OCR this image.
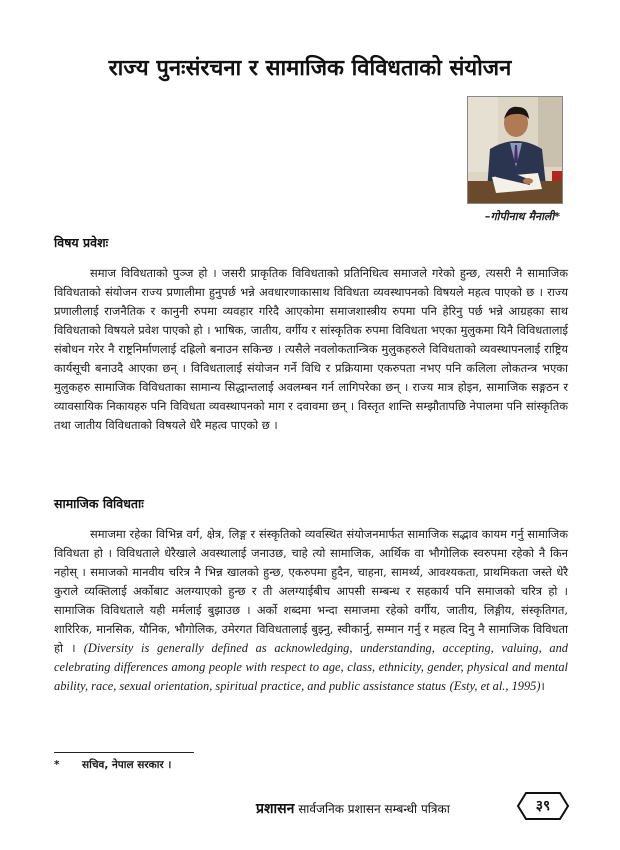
राज्य पुनःसंरचना र सामाजिक विविधताको संयोजन
–गोपीनाथ मैनाली*
विषय प्रवेशः

समाज विविधताको पुञ्ज हो । जसरी प्राकृतिक विविधताको प्रतिनिधित्व समाजले गरेको हुन्छ, त्यसरी नै सामाजिक विविधताको संयोजन राज्य प्रणालीमा हुनुपर्छ भन्ने अवधारणाकासाथ विविधता व्यवस्थापनको विषयले महत्व पाएको छ । राज्य प्रणालीलाई राजनैतिक र कानुनी रुपमा व्यवहार गरिदै आएकोमा समाजशास्त्रीय रुपमा पनि हेरिनु पर्छ भन्ने आग्रहका साथ विविधताको विषयले प्रवेश पाएको हो । भाषिक, जातीय, वर्गीय र सांस्कृतिक रुपमा विविधता भएका मुलुकमा यिनै विविधतालाई संबोधन गरेर नै राष्ट्रनिर्माणलाई दह्रिलो बनाउन सकिन्छ । त्यसैले नवलोकतान्त्रिक मुलुकहरुले विविधताको व्यवस्थापनलाई राष्ट्रिय कार्यसूची बनाउदै आएका छन् । विविधतालाई संयोजन गर्ने विधि र प्रक्रियामा एकरुपता नभए पनि कलिला लोकतन्त्र भएका मुलुकहरु सामाजिक विविधताका सामान्य सिद्धान्तलाई अवलम्बन गर्न लागिपरेका छन् । राज्य मात्र होइन, सामाजिक सङ्गठन र व्यावसायिक निकायहरु पनि विविधता व्यवस्थापनको माग र दवावमा छन् । विस्तृत शान्ति सम्झौतापछि नेपालमा पनि सांस्कृतिक तथा जातीय विविधताको विषयले धेरै महत्व पाएको छ ।

सामाजिक विविधताः

समाजमा रहेका विभिन्न वर्ग, क्षेत्र, लिङ्ग र संस्कृतिको व्यवस्थित संयोजनमार्फत सामाजिक सद्भाव कायम गर्नु सामाजिक विविधता हो । विविधताले धेरैखाले अवस्थालाई जनाउछ, चाहे त्यो सामाजिक, आर्थिक वा भौगोलिक स्वरुपमा रहेको नै किन नहोस् । समाजको मानवीय चरित्र नै भिन्न खालको हुन्छ, एकरुपमा हुदैन, चाहना, सामर्थ्य, आवश्यकता, प्राथमिकता जस्ते धेरै कुराले व्यक्तिलाई अर्कोबाट अलग्याएको हुन्छ र ती अलग्याईबीच आपसी सम्बन्ध र सहकार्य पनि समाजको चरित्र हो । सामाजिक विविधताले यही मर्मलाई बुझाउछ । अर्को शब्दमा भन्दा समाजमा रहेको वर्गीय, जातीय, लिङ्गीय, संस्कृतिगत, शारिरिक, मानसिक, यौनिक, भौगोलिक, उमेरगत विविधतालाई बुझ्नु, स्वीकार्नु, सम्मान गर्नु र महत्व दिनु नै सामाजिक विविधता हो । (Diversity is generally defined as acknowledging, understanding, accepting, valuing, and celebrating differences among people with respect to age, class, ethnicity, gender, physical and mental ability, race, sexual orientation, spiritual practice, and public assistance status (Esty, et al., 1995)।

* सचिव, नेपाल सरकार ।
प्रशासन सार्वजनिक प्रशासन सम्बन्धी पत्रिका	३९
